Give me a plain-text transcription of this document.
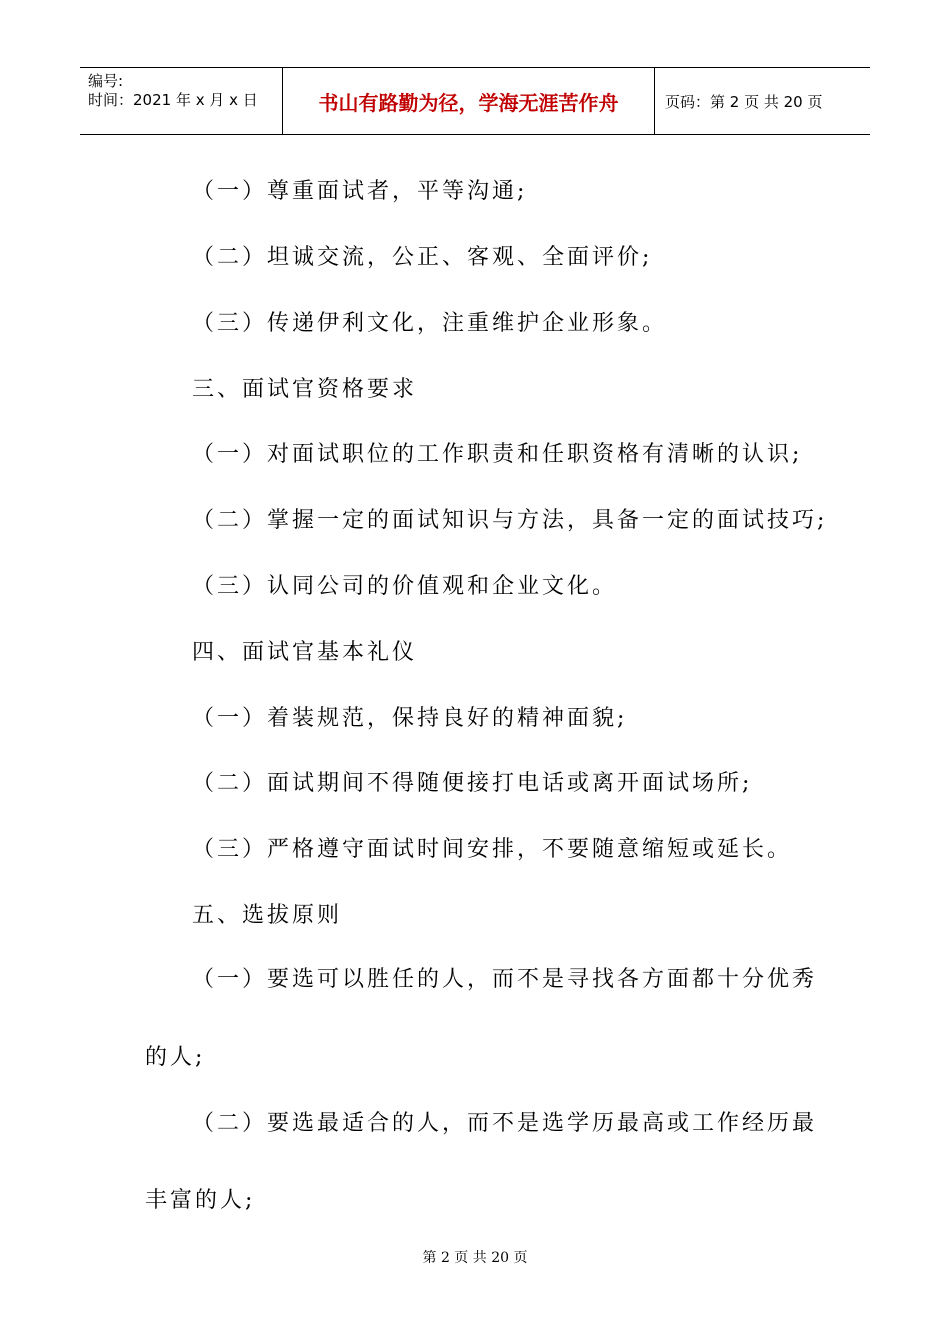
编号:
时间：2021 年 x 月 x 日	书山有路勤为径，学海无涯苦作舟	页码：第 2 页 共 20 页
（一）尊重面试者，平等沟通;
（二）坦诚交流，公正、客观、全面评价;
（三）传递伊利文化，注重维护企业形象。
三、面试官资格要求
（一）对面试职位的工作职责和任职资格有清晰的认识;
（二）掌握一定的面试知识与方法，具备一定的面试技巧;
（三）认同公司的价值观和企业文化。
四、面试官基本礼仪
（一）着装规范，保持良好的精神面貌;
（二）面试期间不得随便接打电话或离开面试场所;
（三）严格遵守面试时间安排，不要随意缩短或延长。
五、选拔原则
（一）要选可以胜任的人，而不是寻找各方面都十分优秀
的人;
（二）要选最适合的人，而不是选学历最高或工作经历最
丰富的人;
第 2 页 共 20 页
